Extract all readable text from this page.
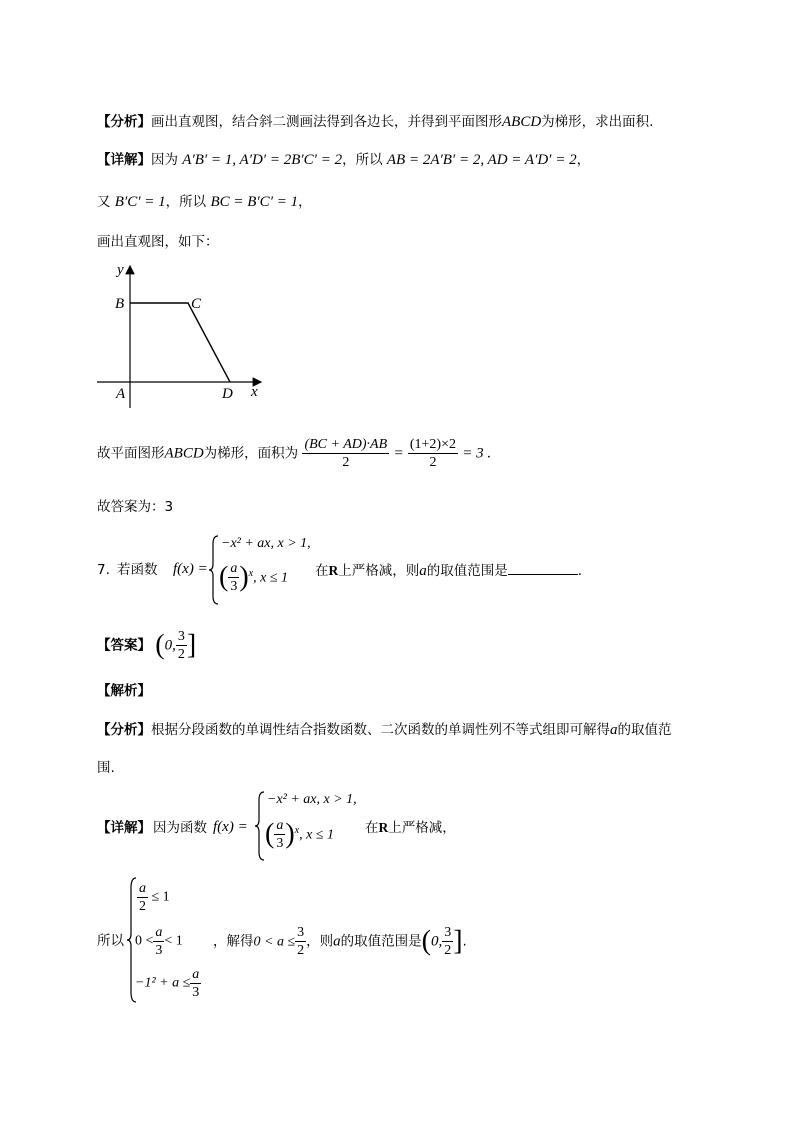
【分析】画出直观图，结合斜二测画法得到各边长，并得到平面图形ABCD为梯形，求出面积.
【详解】因为 A′B′ = 1, A′D′ = 2B′C′ = 2，所以 AB = 2A′B′ = 2, AD = A′D′ = 2，
又 B′C′ = 1，所以 BC = B′C′ = 1，
画出直观图，如下：
y
B	C
A	D x
故平面图形ABCD为梯形，面积为 $\frac{(BC + AD)\cdot AB}{2} = \frac{(1+2)\times 2}{2} = 3$ .
故答案为：3
7. 若函数 f(x) =
−x² + ax, x > 1,
( $\frac{a}{3} )^x$, x ≤ 1 在R上严格减，则a的取值范围是	.
【答案】 (0, $\frac{3}{2}$ ]
【解析】
【分析】根据分段函数的单调性结合指数函数、二次函数的单调性列不等式组即可解得a的取值范
围.
【详解】 因为函数 f(x) =
−x² + ax, x > 1,
( $\frac{a}{3} )^x$, x ≤ 1 在R上严格减，
所以
$\frac{a}{2} \le 1$
$0 < \frac{a}{3} < 1$
$-1^2 + a \le \frac{a}{3}$
，解得$0 < a \le \frac{3}{2}$ ，则a的取值范围是(0, $\frac{3}{2}$ ].
